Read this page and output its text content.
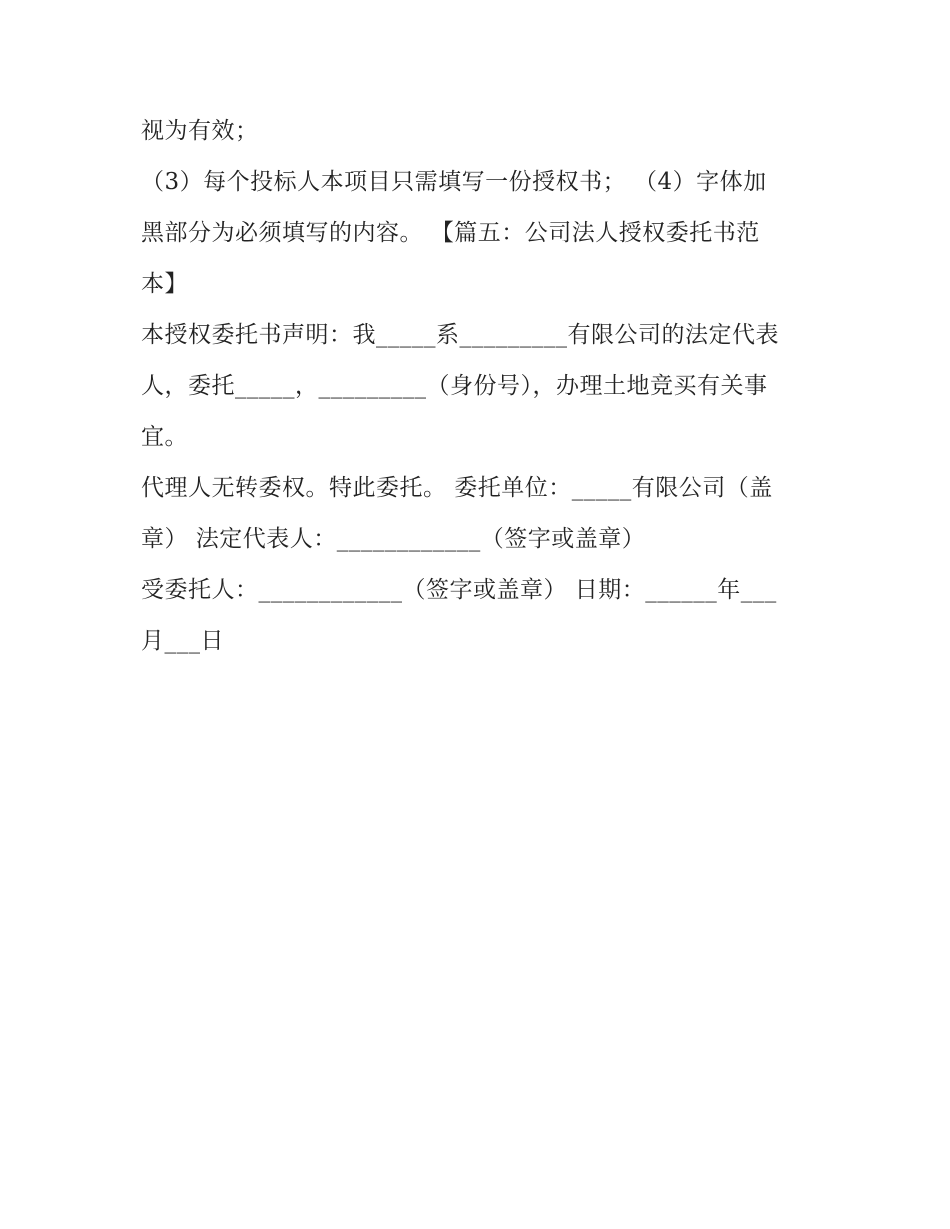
视为有效；
（3）每个投标人本项目只需填写一份授权书； （4）字体加
黑部分为必须填写的内容。 【篇五：公司法人授权委托书范
本】
本授权委托书声明：我_____系_________有限公司的法定代表
人，委托_____，_________（身份号），办理土地竞买有关事
宜。
代理人无转委权。特此委托。 委托单位：_____有限公司（盖
章） 法定代表人：____________（签字或盖章）
受委托人：____________（签字或盖章） 日期：______年___
月___日
